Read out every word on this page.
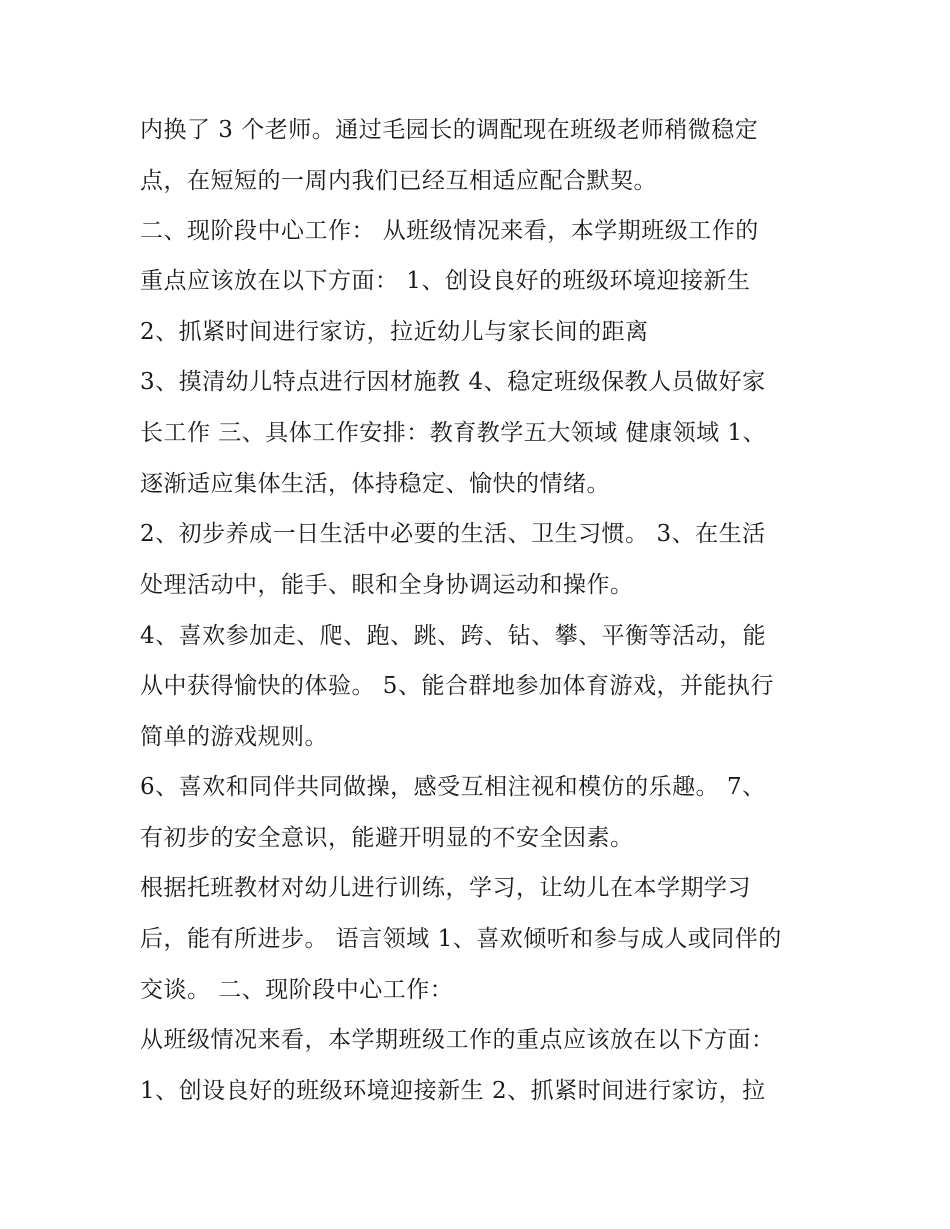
内换了 3 个老师。通过毛园长的调配现在班级老师稍微稳定
点，在短短的一周内我们已经互相适应配合默契。
二、现阶段中心工作： 从班级情况来看，本学期班级工作的
重点应该放在以下方面： 1、创设良好的班级环境迎接新生
2、抓紧时间进行家访，拉近幼儿与家长间的距离
3、摸清幼儿特点进行因材施教 4、稳定班级保教人员做好家
长工作 三、具体工作安排：教育教学五大领域 健康领域 1、
逐渐适应集体生活，体持稳定、愉快的情绪。
2、初步养成一日生活中必要的生活、卫生习惯。 3、在生活
处理活动中，能手、眼和全身协调运动和操作。
4、喜欢参加走、爬、跑、跳、跨、钻、攀、平衡等活动，能
从中获得愉快的体验。 5、能合群地参加体育游戏，并能执行
简单的游戏规则。
6、喜欢和同伴共同做操，感受互相注视和模仿的乐趣。 7、
有初步的安全意识，能避开明显的不安全因素。
根据托班教材对幼儿进行训练，学习，让幼儿在本学期学习
后，能有所进步。 语言领域 1、喜欢倾听和参与成人或同伴的
交谈。 二、现阶段中心工作：
从班级情况来看，本学期班级工作的重点应该放在以下方面：
1、创设良好的班级环境迎接新生 2、抓紧时间进行家访，拉
